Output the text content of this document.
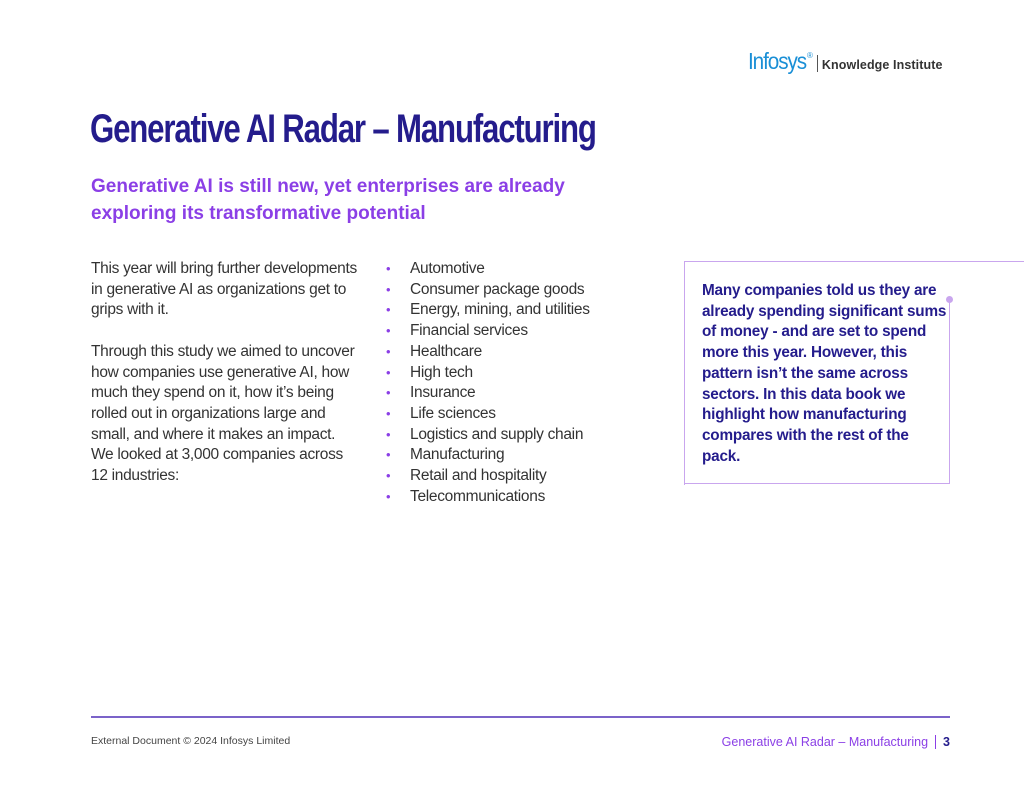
Infosys ®
Knowledge Institute
Generative AI Radar – Manufacturing
Generative AI is still new, yet enterprises are already exploring its transformative potential

This year will bring further developments in generative AI as organizations get to grips with it.

Through this study we aimed to uncover how companies use generative AI, how much they spend on it, how it’s being rolled out in organizations large and small, and where it makes an impact. We looked at 3,000 companies across 12 industries:

•	Automotive
•	Consumer package goods
•	Energy, mining, and utilities
•	Financial services
•	Healthcare
•	High tech
•	Insurance
•	Life sciences
•	Logistics and supply chain
•	Manufacturing
•	Retail and hospitality
•	Telecommunications

Many companies told us they are already spending significant sums of money - and are set to spend more this year. However, this pattern isn’t the same across sectors. In this data book we highlight how manufacturing compares with the rest of the pack.

External Document © 2024 Infosys Limited	Generative AI Radar – Manufacturing 3
